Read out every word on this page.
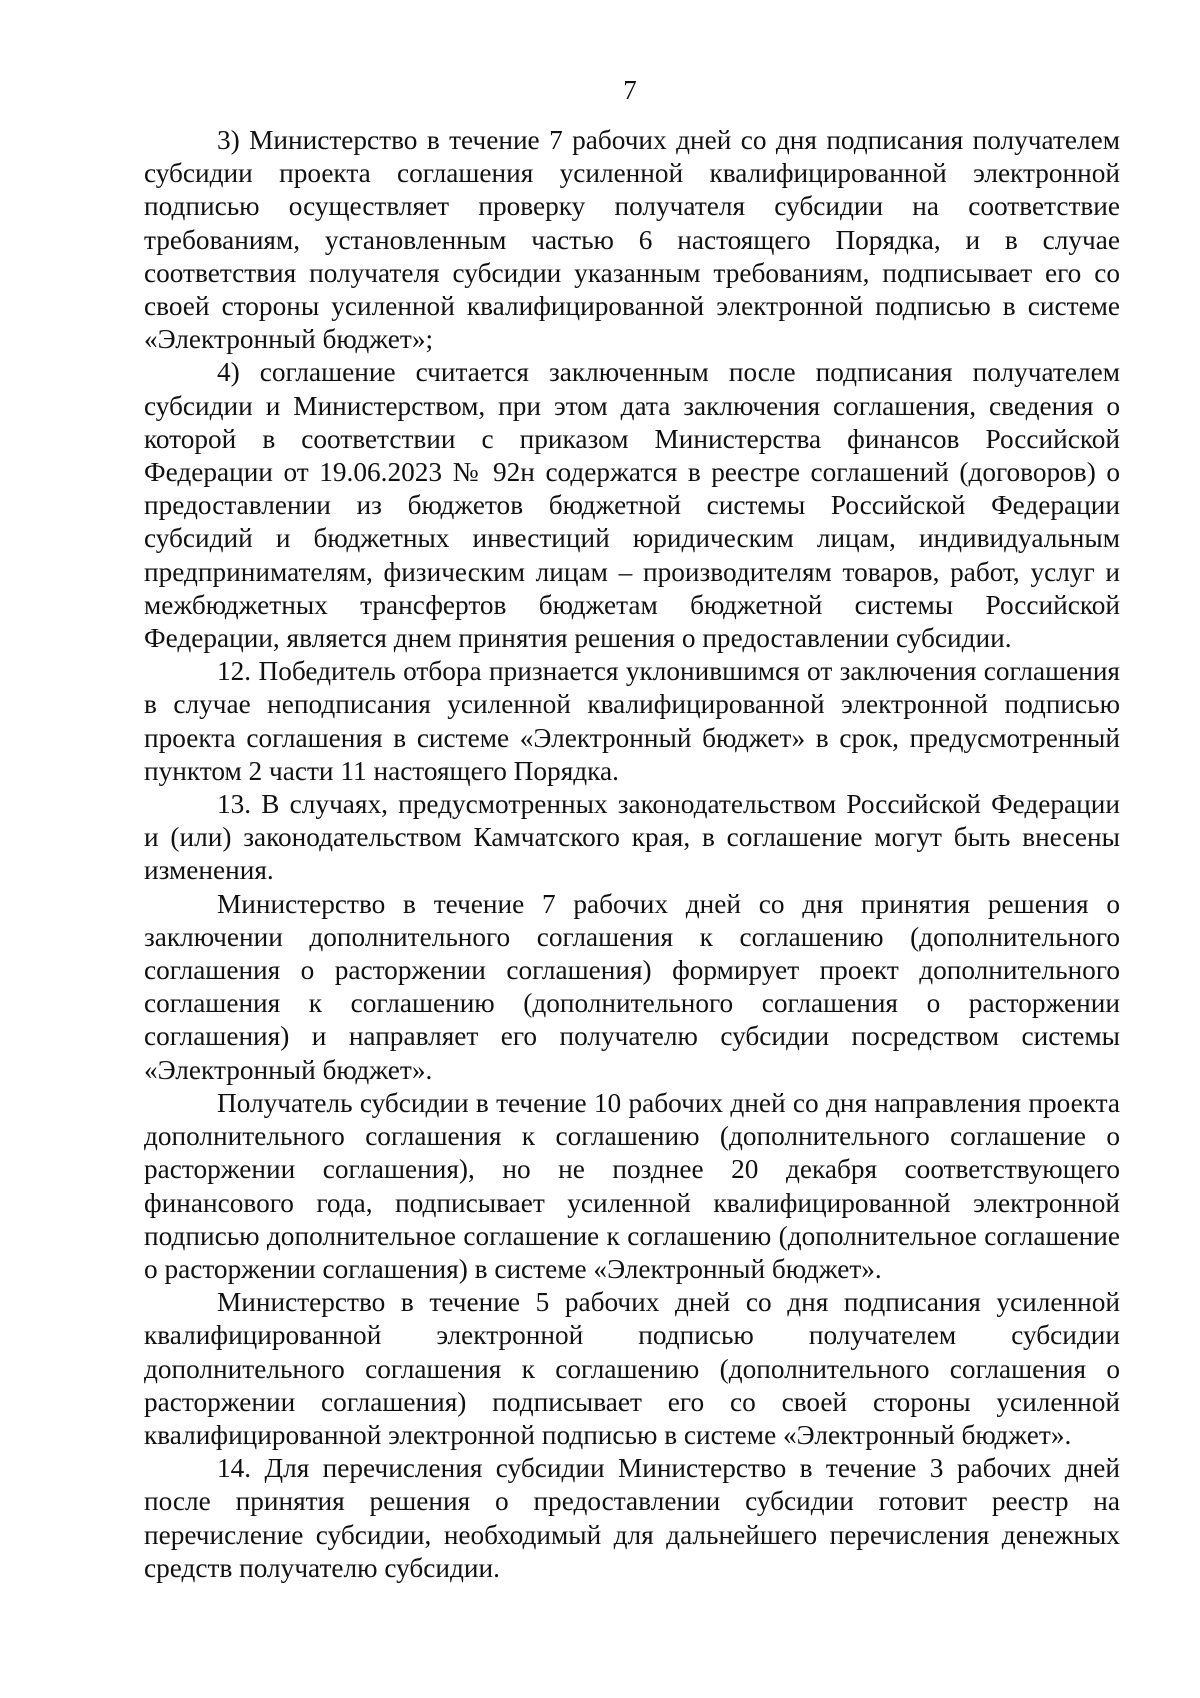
7

3) Министерство в течение 7 рабочих дней со дня подписания получателем субсидии проекта соглашения усиленной квалифицированной электронной подписью осуществляет проверку получателя субсидии на соответствие требованиям, установленным частью 6 настоящего Порядка, и в случае соответствия получателя субсидии указанным требованиям, подписывает его со своей стороны усиленной квалифицированной электронной подписью в системе «Электронный бюджет»;

4) соглашение считается заключенным после подписания получателем субсидии и Министерством, при этом дата заключения соглашения, сведения о которой в соответствии с приказом Министерства финансов Российской Федерации от 19.06.2023 № 92н содержатся в реестре соглашений (договоров) о предоставлении из бюджетов бюджетной системы Российской Федерации субсидий и бюджетных инвестиций юридическим лицам, индивидуальным предпринимателям, физическим лицам – производителям товаров, работ, услуг и межбюджетных трансфертов бюджетам бюджетной системы Российской Федерации, является днем принятия решения о предоставлении субсидии.

12. Победитель отбора признается уклонившимся от заключения соглашения в случае неподписания усиленной квалифицированной электронной подписью проекта соглашения в системе «Электронный бюджет» в срок, предусмотренный пунктом 2 части 11 настоящего Порядка.

13. В случаях, предусмотренных законодательством Российской Федерации и (или) законодательством Камчатского края, в соглашение могут быть внесены изменения.

Министерство в течение 7 рабочих дней со дня принятия решения о заключении дополнительного соглашения к соглашению (дополнительного соглашения о расторжении соглашения) формирует проект дополнительного соглашения к соглашению (дополнительного соглашения о расторжении соглашения) и направляет его получателю субсидии посредством системы «Электронный бюджет».

Получатель субсидии в течение 10 рабочих дней со дня направления проекта дополнительного соглашения к соглашению (дополнительного соглашение о расторжении соглашения), но не позднее 20 декабря соответствующего финансового года, подписывает усиленной квалифицированной электронной подписью дополнительное соглашение к соглашению (дополнительное соглашение о расторжении соглашения) в системе «Электронный бюджет».

Министерство в течение 5 рабочих дней со дня подписания усиленной квалифицированной электронной подписью получателем субсидии дополнительного соглашения к соглашению (дополнительного соглашения о расторжении соглашения) подписывает его со своей стороны усиленной квалифицированной электронной подписью в системе «Электронный бюджет».

14. Для перечисления субсидии Министерство в течение 3 рабочих дней после принятия решения о предоставлении субсидии готовит реестр на перечисление субсидии, необходимый для дальнейшего перечисления денежных средств получателю субсидии.
